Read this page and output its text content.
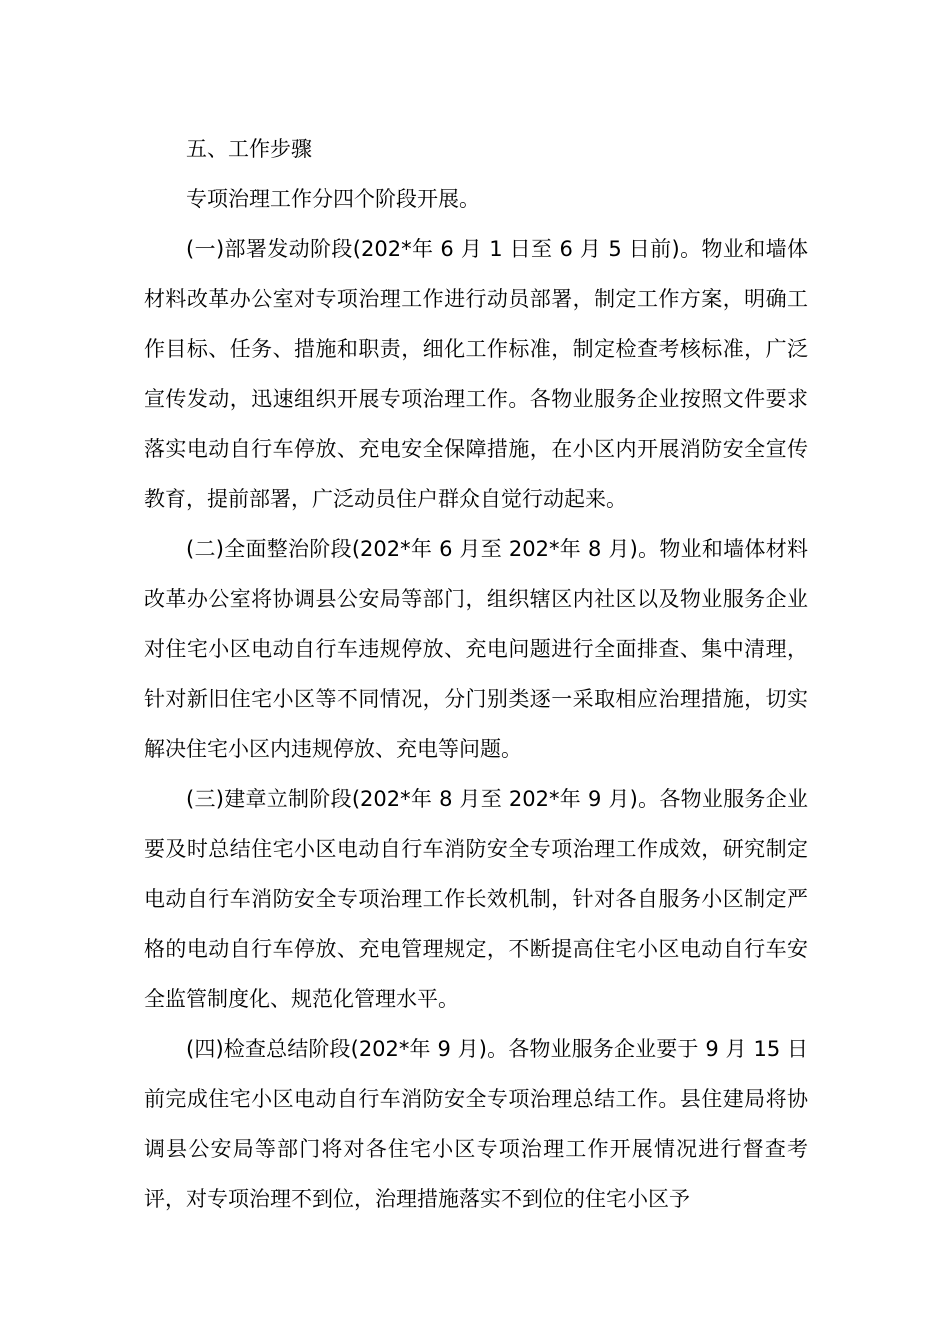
五、工作步骤

专项治理工作分四个阶段开展。

(一)部署发动阶段(202*年 6 月 1 日至 6 月 5 日前)。物业和墙体材料改革办公室对专项治理工作进行动员部署，制定工作方案，明确工作目标、任务、措施和职责，细化工作标准，制定检查考核标准，广泛宣传发动，迅速组织开展专项治理工作。各物业服务企业按照文件要求落实电动自行车停放、充电安全保障措施，在小区内开展消防安全宣传教育，提前部署，广泛动员住户群众自觉行动起来。

(二)全面整治阶段(202*年 6 月至 202*年 8 月)。物业和墙体材料改革办公室将协调县公安局等部门，组织辖区内社区以及物业服务企业对住宅小区电动自行车违规停放、充电问题进行全面排查、集中清理，针对新旧住宅小区等不同情况，分门别类逐一采取相应治理措施，切实解决住宅小区内违规停放、充电等问题。

(三)建章立制阶段(202*年 8 月至 202*年 9 月)。各物业服务企业要及时总结住宅小区电动自行车消防安全专项治理工作成效，研究制定电动自行车消防安全专项治理工作长效机制，针对各自服务小区制定严格的电动自行车停放、充电管理规定，不断提高住宅小区电动自行车安全监管制度化、规范化管理水平。

(四)检查总结阶段(202*年 9 月)。各物业服务企业要于 9 月 15 日前完成住宅小区电动自行车消防安全专项治理总结工作。县住建局将协调县公安局等部门将对各住宅小区专项治理工作开展情况进行督查考评，对专项治理不到位，治理措施落实不到位的住宅小区予
